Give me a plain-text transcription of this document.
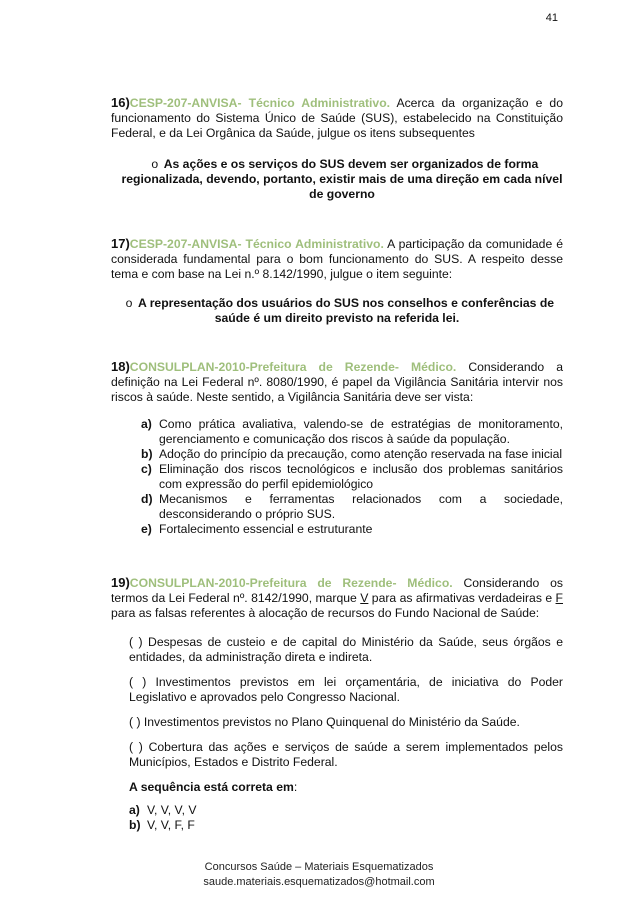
41
16)CESP-207-ANVISA- Técnico Administrativo. Acerca da organização e do funcionamento do Sistema Único de Saúde (SUS), estabelecido na Constituição Federal, e da Lei Orgânica da Saúde, julgue os itens subsequentes
o As ações e os serviços do SUS devem ser organizados de forma regionalizada, devendo, portanto, existir mais de uma direção em cada nível de governo
17)CESP-207-ANVISA- Técnico Administrativo. A participação da comunidade é considerada fundamental para o bom funcionamento do SUS. A respeito desse tema e com base na Lei n.º 8.142/1990, julgue o item seguinte:
o A representação dos usuários do SUS nos conselhos e conferências de saúde é um direito previsto na referida lei.
18)CONSULPLAN-2010-Prefeitura de Rezende- Médico. Considerando a definição na Lei Federal nº. 8080/1990, é papel da Vigilância Sanitária intervir nos riscos à saúde. Neste sentido, a Vigilância Sanitária deve ser vista:
a) Como prática avaliativa, valendo-se de estratégias de monitoramento, gerenciamento e comunicação dos riscos à saúde da população.
b) Adoção do princípio da precaução, como atenção reservada na fase inicial
c) Eliminação dos riscos tecnológicos e inclusão dos problemas sanitários com expressão do perfil epidemiológico
d) Mecanismos e ferramentas relacionados com a sociedade, desconsiderando o próprio SUS.
e) Fortalecimento essencial e estruturante
19)CONSULPLAN-2010-Prefeitura de Rezende- Médico. Considerando os termos da Lei Federal nº. 8142/1990, marque V para as afirmativas verdadeiras e F para as falsas referentes à alocação de recursos do Fundo Nacional de Saúde:
( ) Despesas de custeio e de capital do Ministério da Saúde, seus órgãos e entidades, da administração direta e indireta.
( ) Investimentos previstos em lei orçamentária, de iniciativa do Poder Legislativo e aprovados pelo Congresso Nacional.
( ) Investimentos previstos no Plano Quinquenal do Ministério da Saúde.
( ) Cobertura das ações e serviços de saúde a serem implementados pelos Municípios, Estados e Distrito Federal.
A sequência está correta em:
a) V, V, V, V
b) V, V, F, F
Concursos Saúde – Materiais Esquematizados
saude.materiais.esquematizados@hotmail.com
